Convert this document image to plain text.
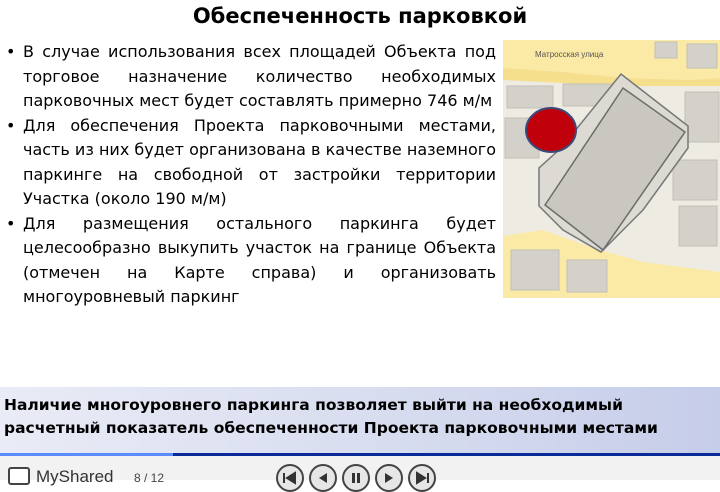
Обеспеченность парковкой
• В случае использования всех площадей Объекта под торговое назначение количество необходимых парковочных мест будет составлять примерно 746 м/м
• Для обеспечения Проекта парковочными местами, часть из них будет организована в качестве наземного паркинге на свободной от застройки территории Участка (около 190 м/м)
• Для размещения остального паркинга будет целесообразно выкупить участок на границе Объекта (отмечен на Карте справа) и организовать многоуровневый паркинг
Матросская улица
Наличие многоуровнего паркинга позволяет выйти на необходимый расчетный показатель обеспеченности Проекта парковочными местами
MyShared 8 / 12
